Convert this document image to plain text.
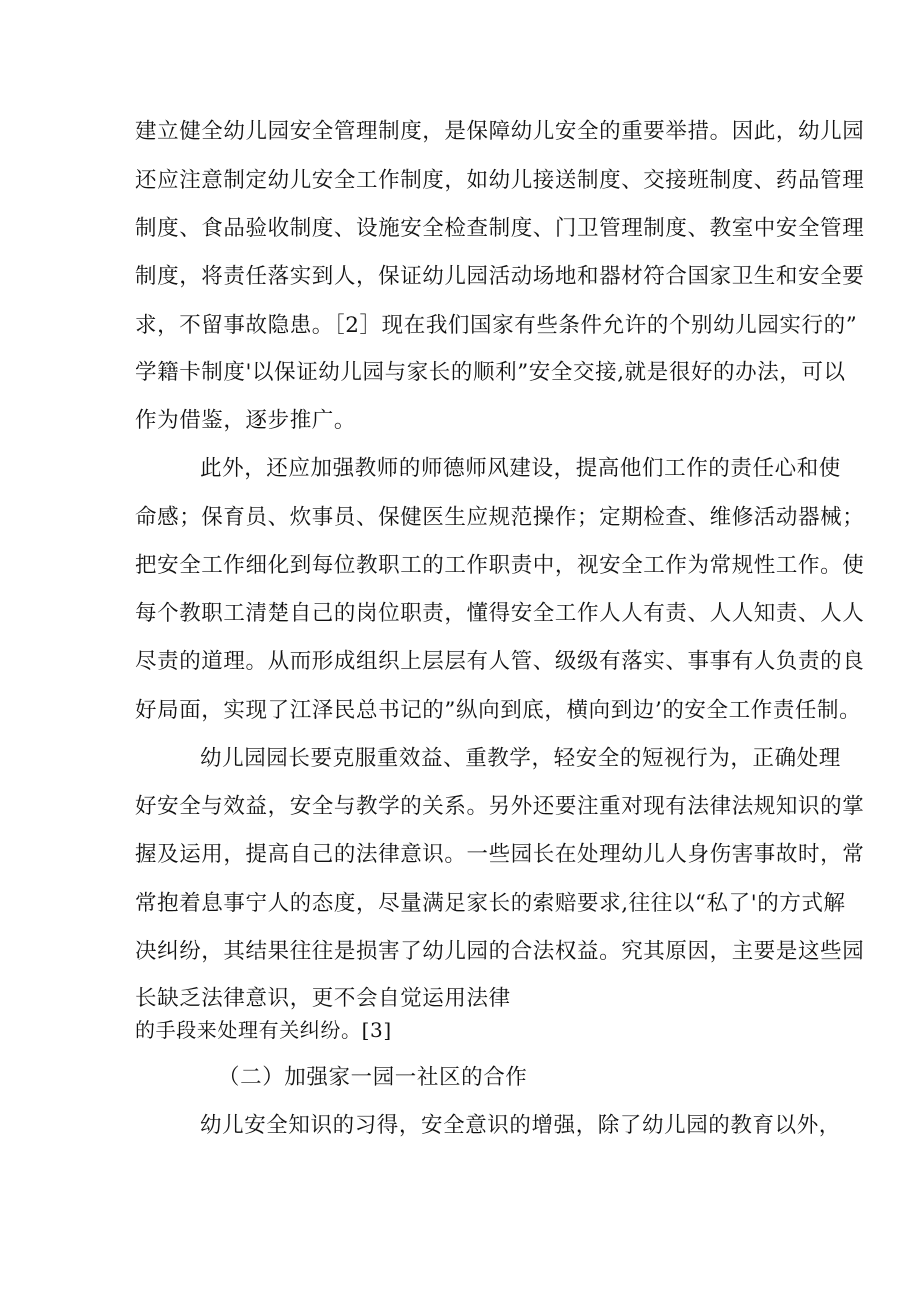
建立健全幼儿园安全管理制度，是保障幼儿安全的重要举措。因此，幼儿园

还应注意制定幼儿安全工作制度，如幼儿接送制度、交接班制度、药品管理

制度、食品验收制度、设施安全检查制度、门卫管理制度、教室中安全管理

制度，将责任落实到人，保证幼儿园活动场地和器材符合国家卫生和安全要

求，不留事故隐患。［2］现在我们国家有些条件允许的个别幼儿园实行的”

学籍卡制度'以保证幼儿园与家长的顺利”安全交接,就是很好的办法，可以

作为借鉴，逐步推广。

此外，还应加强教师的师德师风建设，提高他们工作的责任心和使

命感；保育员、炊事员、保健医生应规范操作；定期检查、维修活动器械；

把安全工作细化到每位教职工的工作职责中，视安全工作为常规性工作。使

每个教职工清楚自己的岗位职责，懂得安全工作人人有责、人人知责、人人

尽责的道理。从而形成组织上层层有人管、级级有落实、事事有人负责的良

好局面，实现了江泽民总书记的”纵向到底，横向到边’的安全工作责任制。

幼儿园园长要克服重效益、重教学，轻安全的短视行为，正确处理

好安全与效益，安全与教学的关系。另外还要注重对现有法律法规知识的掌

握及运用，提高自己的法律意识。一些园长在处理幼儿人身伤害事故时，常

常抱着息事宁人的态度，尽量满足家长的索赔要求,往往以“私了'的方式解

决纠纷，其结果往往是损害了幼儿园的合法权益。究其原因，主要是这些园

长缺乏法律意识，更不会自觉运用法律

的手段来处理有关纠纷。[3]

（二）加强家一园一社区的合作

幼儿安全知识的习得，安全意识的增强，除了幼儿园的教育以外，
